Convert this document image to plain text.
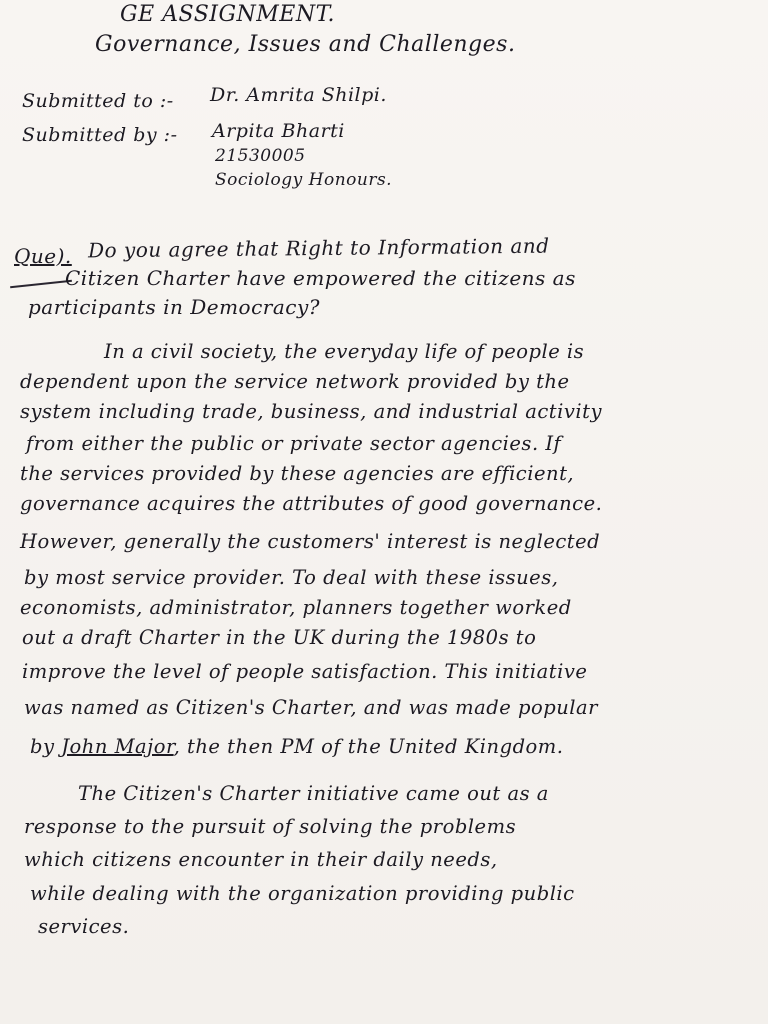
GE ASSIGNMENT.
Governance, Issues and Challenges.
Submitted to :- Dr. Amrita Shilpi.
Submitted by :- Arpita Bharti
21530005
Sociology Honours.
Que). Do you agree that Right to Information and
Citizen Charter have empowered the citizens as
participants in Democracy?
In a civil society, the everyday life of people is
dependent upon the service network provided by the
system including trade, business, and industrial activity
from either the public or private sector agencies. If
the services provided by these agencies are efficient,
governance acquires the attributes of good governance.
However, generally the customers' interest is neglected
by most service provider. To deal with these issues,
economists, administrator, planners together worked
out a draft Charter in the UK during the 1980s to
improve the level of people satisfaction. This initiative
was named as Citizen's Charter, and was made popular
by John Major, the then PM of the United Kingdom.
The Citizen's Charter initiative came out as a
response to the pursuit of solving the problems
which citizens encounter in their daily needs,
while dealing with the organization providing public
services.
